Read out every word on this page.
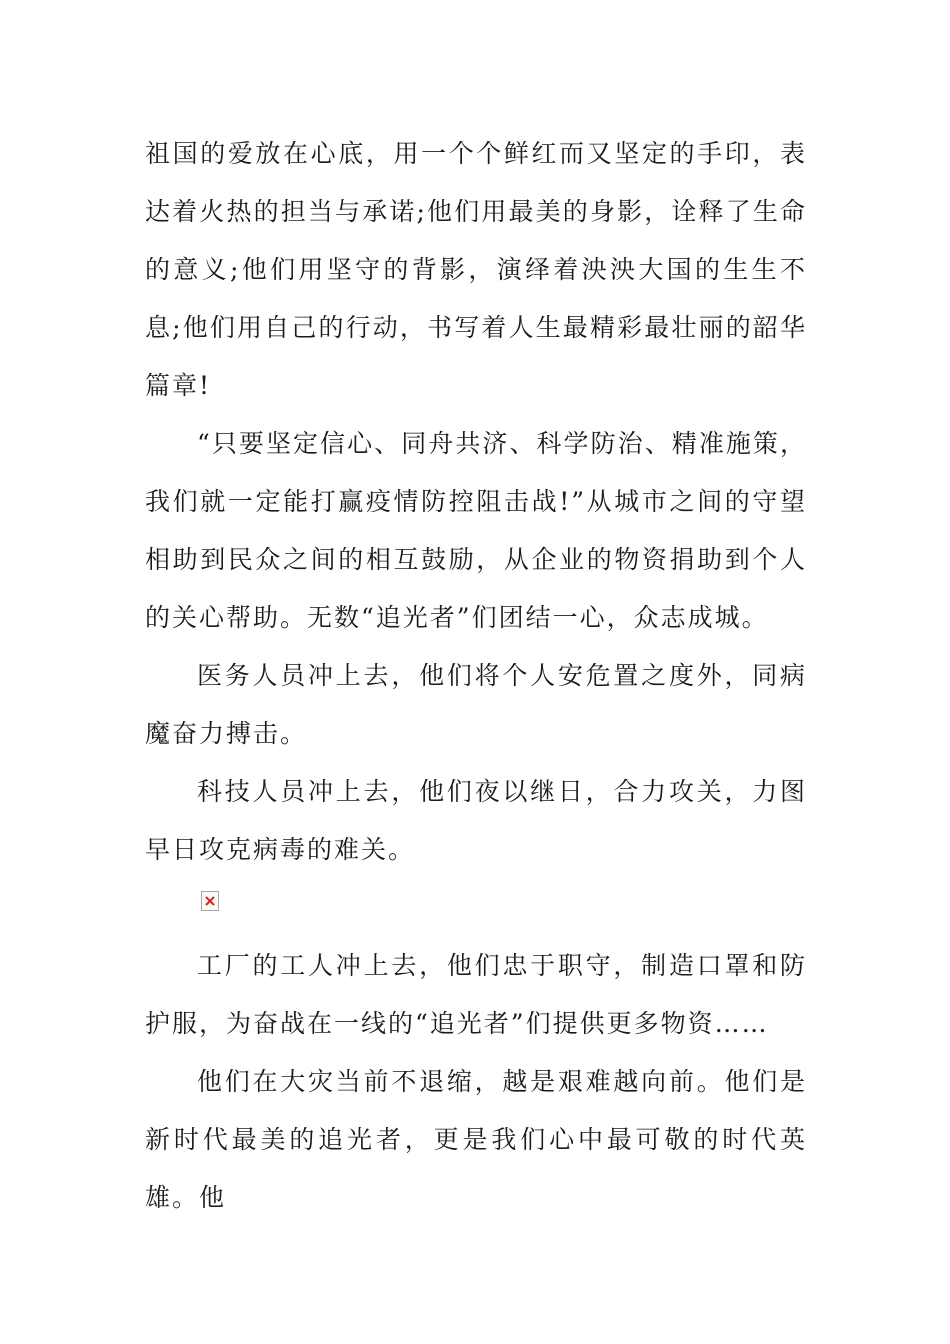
祖国的爱放在心底，用一个个鲜红而又坚定的手印，表达着火热的担当与承诺;他们用最美的身影，诠释了生命的意义;他们用坚守的背影，演绎着泱泱大国的生生不息;他们用自己的行动，书写着人生最精彩最壮丽的韶华篇章!

“只要坚定信心、同舟共济、科学防治、精准施策，我们就一定能打赢疫情防控阻击战!”从城市之间的守望相助到民众之间的相互鼓励，从企业的物资捐助到个人的关心帮助。无数“追光者”们团结一心，众志成城。

医务人员冲上去，他们将个人安危置之度外，同病魔奋力搏击。

科技人员冲上去，他们夜以继日，合力攻关，力图早日攻克病毒的难关。

工厂的工人冲上去，他们忠于职守，制造口罩和防护服，为奋战在一线的“追光者”们提供更多物资……

他们在大灾当前不退缩，越是艰难越向前。他们是新时代最美的追光者，更是我们心中最可敬的时代英雄。他
